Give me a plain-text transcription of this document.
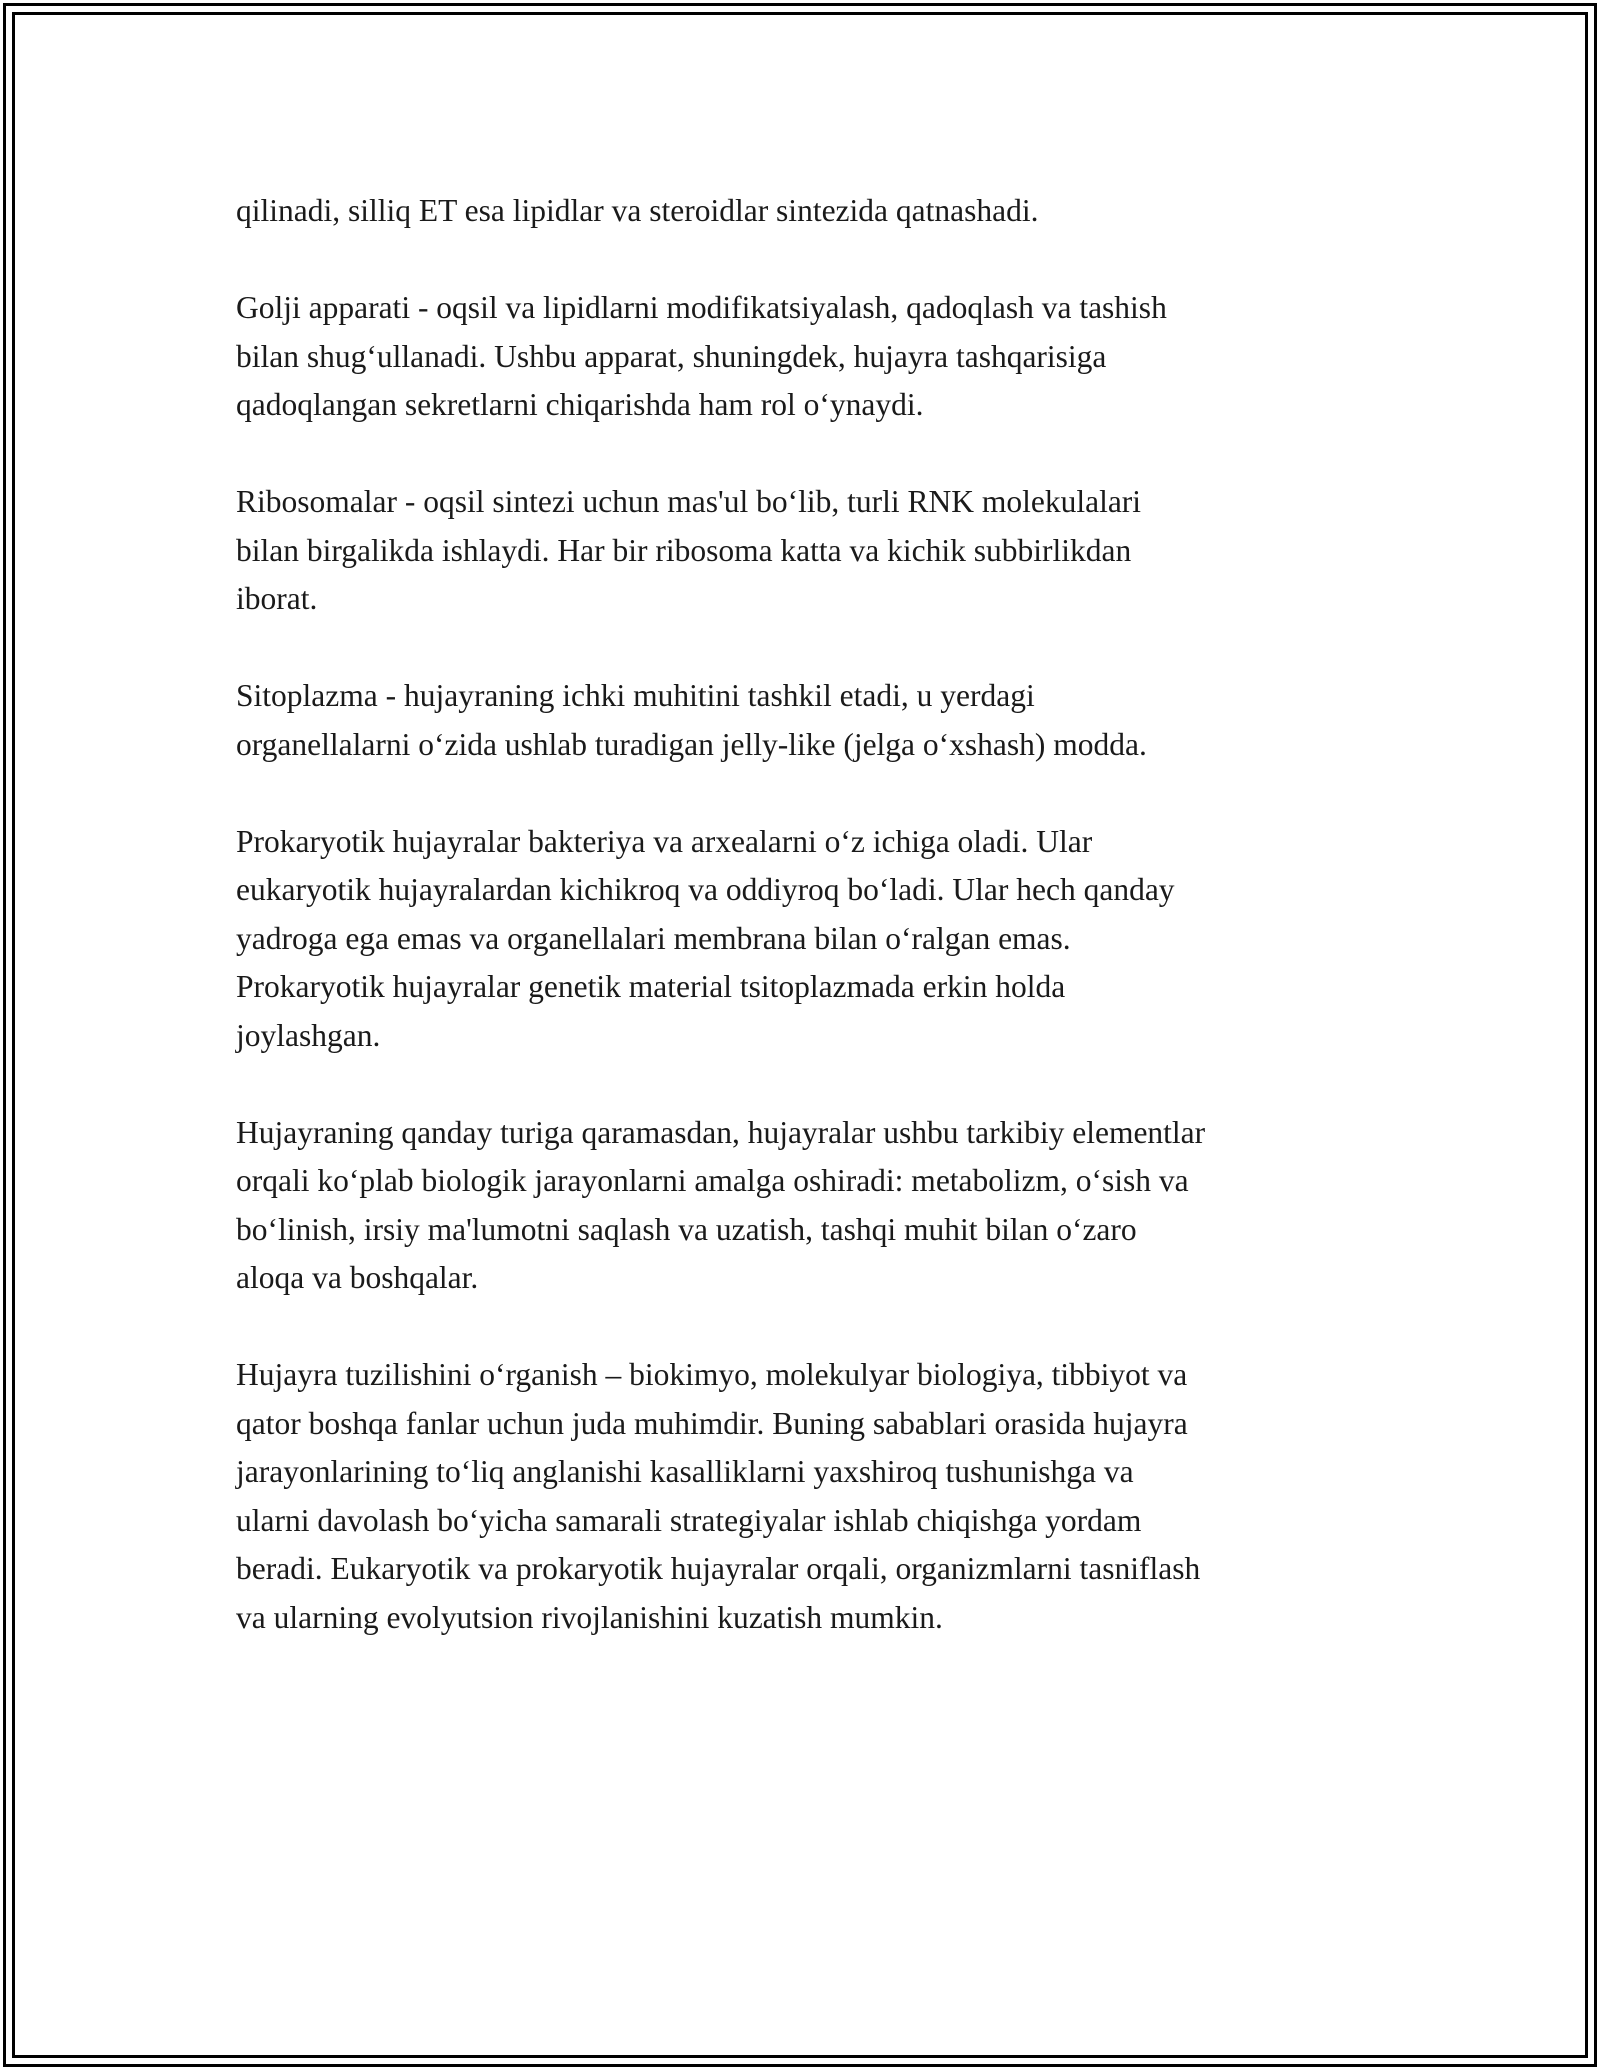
qilinadi, silliq ET esa lipidlar va steroidlar sintezida qatnashadi.

Golji apparati - oqsil va lipidlarni modifikatsiyalash, qadoqlash va tashish
bilan shugʻullanadi. Ushbu apparat, shuningdek, hujayra tashqarisiga
qadoqlangan sekretlarni chiqarishda ham rol oʻynaydi.

Ribosomalar - oqsil sintezi uchun mas'ul boʻlib, turli RNK molekulalari
bilan birgalikda ishlaydi. Har bir ribosoma katta va kichik subbirlikdan
iborat.

Sitoplazma - hujayraning ichki muhitini tashkil etadi, u yerdagi
organellalarni oʻzida ushlab turadigan jelly-like (jelga oʻxshash) modda.

Prokaryotik hujayralar bakteriya va arxealarni oʻz ichiga oladi. Ular
eukaryotik hujayralardan kichikroq va oddiyroq boʻladi. Ular hech qanday
yadroga ega emas va organellalari membrana bilan oʻralgan emas.
Prokaryotik hujayralar genetik material tsitoplazmada erkin holda
joylashgan.

Hujayraning qanday turiga qaramasdan, hujayralar ushbu tarkibiy elementlar
orqali koʻplab biologik jarayonlarni amalga oshiradi: metabolizm, oʻsish va
boʻlinish, irsiy ma'lumotni saqlash va uzatish, tashqi muhit bilan oʻzaro
aloqa va boshqalar.

Hujayra tuzilishini oʻrganish – biokimyo, molekulyar biologiya, tibbiyot va
qator boshqa fanlar uchun juda muhimdir. Buning sabablari orasida hujayra
jarayonlarining toʻliq anglanishi kasalliklarni yaxshiroq tushunishga va
ularni davolash boʻyicha samarali strategiyalar ishlab chiqishga yordam
beradi. Eukaryotik va prokaryotik hujayralar orqali, organizmlarni tasniflash
va ularning evolyutsion rivojlanishini kuzatish mumkin.
